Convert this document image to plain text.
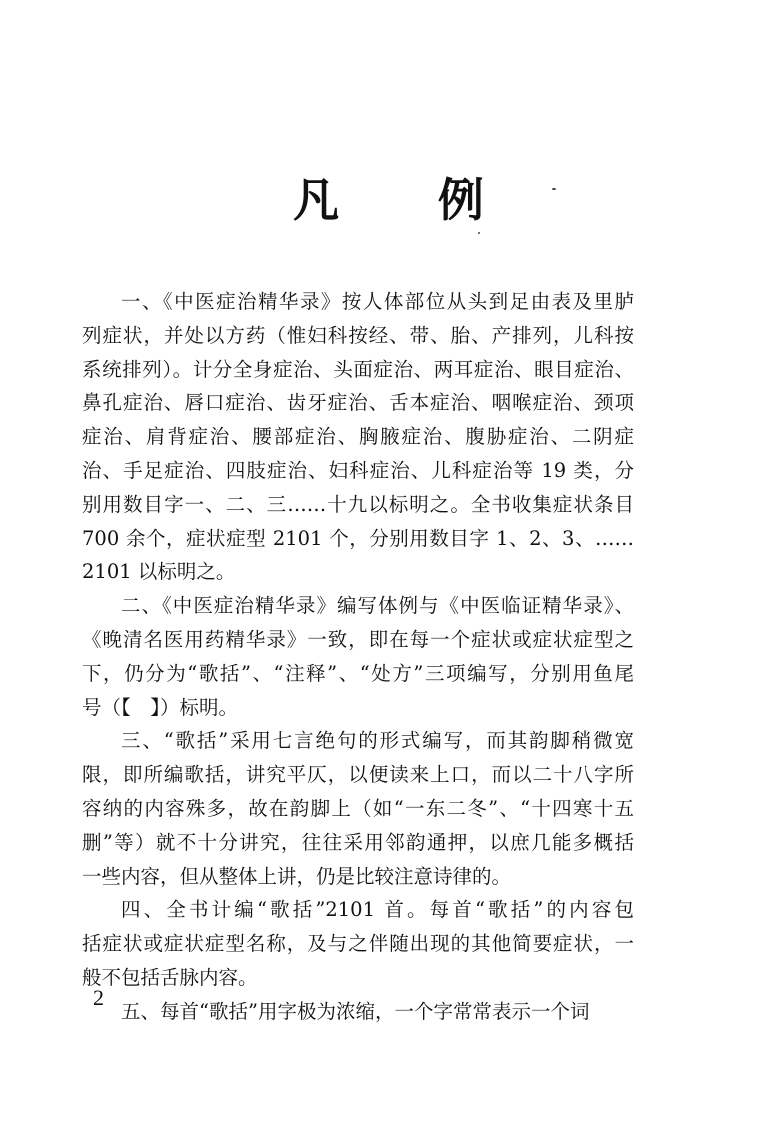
凡 例
一、《中医症治精华录》按人体部位从头到足由表及里胪
列症状，并处以方药（惟妇科按经、带、胎、产排列，儿科按
系统排列）。计分全身症治、头面症治、两耳症治、眼目症治、
鼻孔症治、唇口症治、齿牙症治、舌本症治、咽喉症治、颈项
症治、肩背症治、腰部症治、胸腋症治、腹胁症治、二阴症
治、手足症治、四肢症治、妇科症治、儿科症治等 19 类，分
别用数目字一、二、三……十九以标明之。全书收集症状条目
700 余个，症状症型 2101 个，分别用数目字 1、2、3、……
2101 以标明之。
二、《中医症治精华录》编写体例与《中医临证精华录》、
《晚清名医用药精华录》一致，即在每一个症状或症状症型之
下，仍分为“歌括”、“注释”、“处方”三项编写，分别用鱼尾
号（【　】）标明。
三、“歌括”采用七言绝句的形式编写，而其韵脚稍微宽
限，即所编歌括，讲究平仄，以便读来上口，而以二十八字所
容纳的内容殊多，故在韵脚上（如“一东二冬”、“十四寒十五
删”等）就不十分讲究，往往采用邻韵通押，以庶几能多概括
一些内容，但从整体上讲，仍是比较注意诗律的。
四、全书计编“歌括”2101 首。每首“歌括”的内容包
括症状或症状症型名称，及与之伴随出现的其他简要症状，一
般不包括舌脉内容。
五、每首“歌括”用字极为浓缩，一个字常常表示一个词
2
